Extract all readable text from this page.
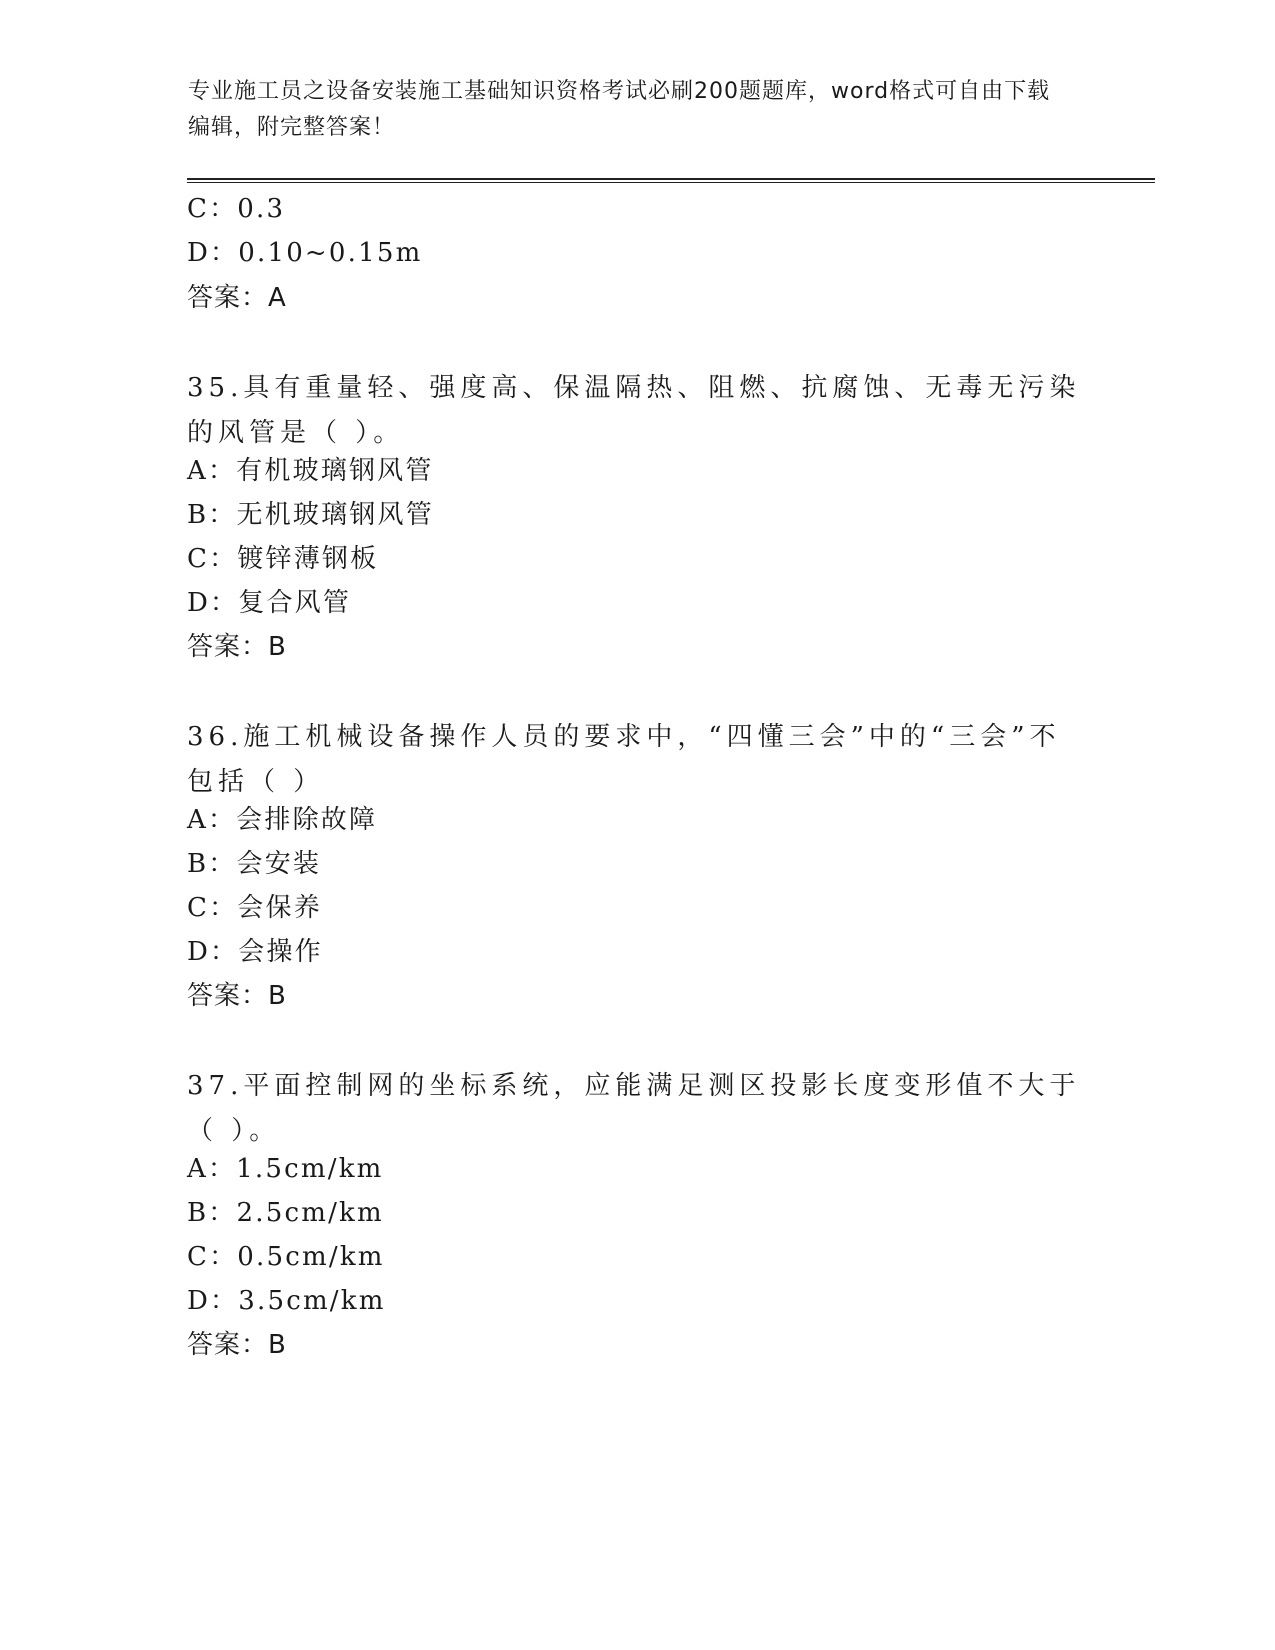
专业施工员之设备安装施工基础知识资格考试必刷200题题库，word格式可自由下载编辑，附完整答案！
C：0.3
D：0.10~0.15m
答案：A
35.具有重量轻、强度高、保温隔热、阻燃、抗腐蚀、无毒无污染的风管是（ ）。
A：有机玻璃钢风管
B：无机玻璃钢风管
C：镀锌薄钢板
D：复合风管
答案：B
36.施工机械设备操作人员的要求中，“四懂三会”中的“三会”不包括（ ）
A：会排除故障
B：会安装
C：会保养
D：会操作
答案：B
37.平面控制网的坐标系统，应能满足测区投影长度变形值不大于（ ）。
A：1.5cm/km
B：2.5cm/km
C：0.5cm/km
D：3.5cm/km
答案：B
